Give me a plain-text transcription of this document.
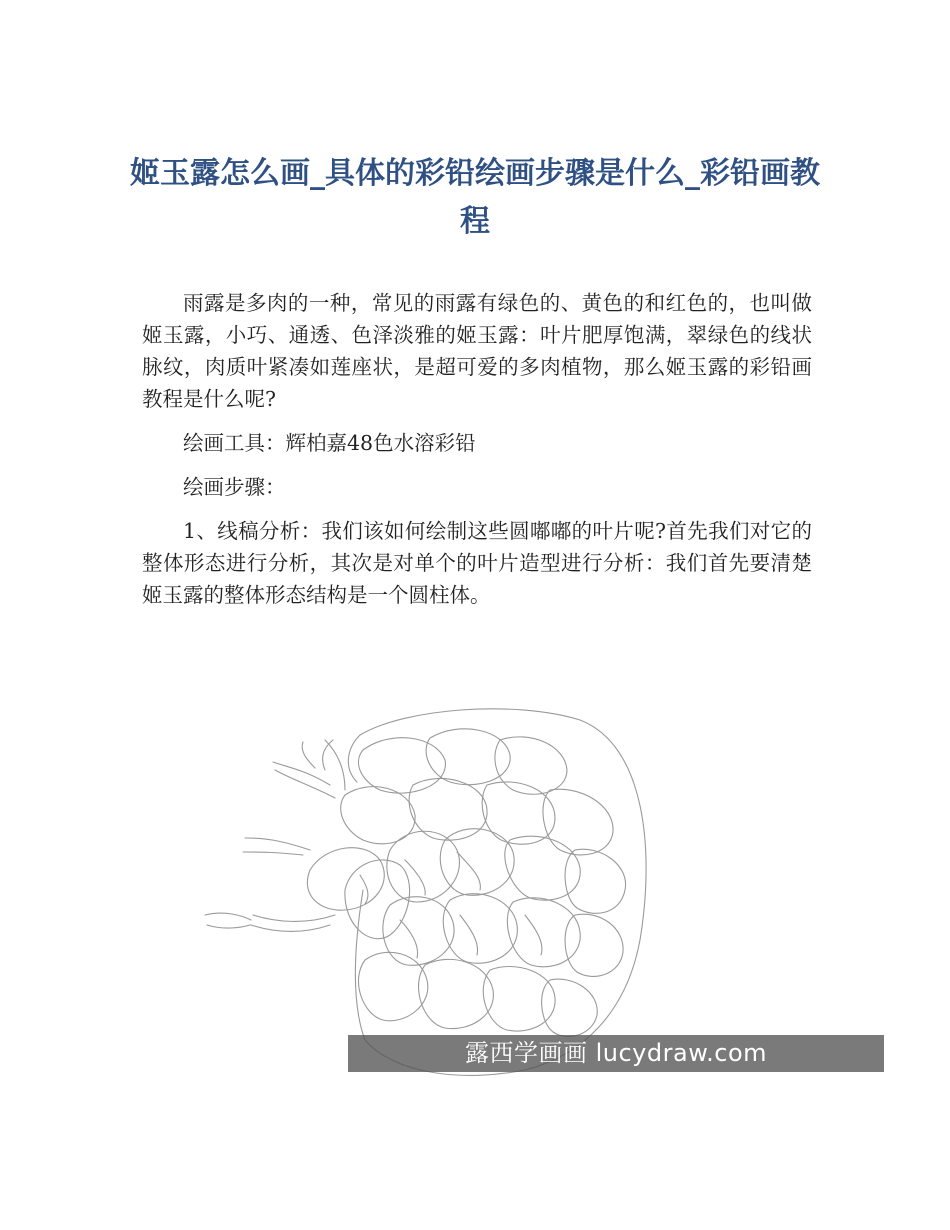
姬玉露怎么画_具体的彩铅绘画步骤是什么_彩铅画教程

雨露是多肉的一种，常见的雨露有绿色的、黄色的和红色的，也叫做姬玉露，小巧、通透、色泽淡雅的姬玉露：叶片肥厚饱满，翠绿色的线状脉纹，肉质叶紧凑如莲座状，是超可爱的多肉植物，那么姬玉露的彩铅画教程是什么呢?

绘画工具：辉柏嘉48色水溶彩铅

绘画步骤：

1、线稿分析：我们该如何绘制这些圆嘟嘟的叶片呢?首先我们对它的整体形态进行分析，其次是对单个的叶片造型进行分析：我们首先要清楚姬玉露的整体形态结构是一个圆柱体。

露西学画画 lucydraw.com
